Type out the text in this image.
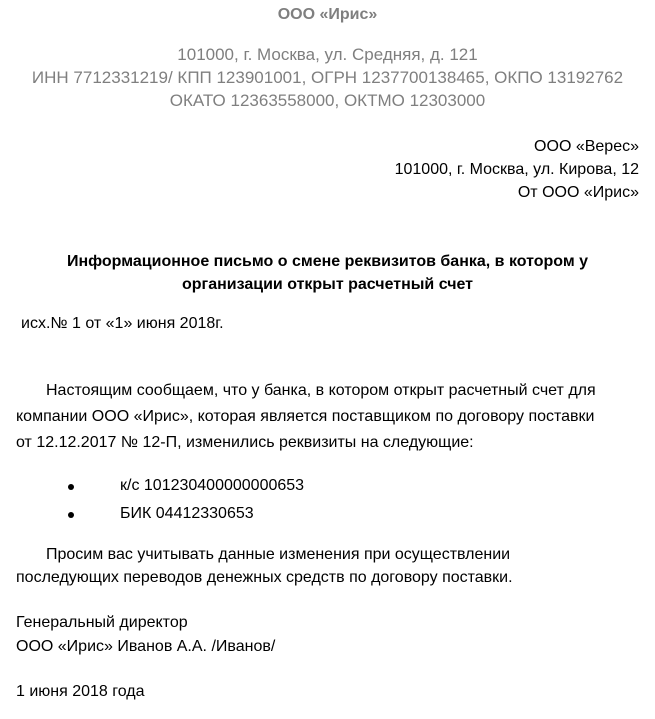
ООО «Ирис»
101000, г. Москва, ул. Средняя, д. 121
ИНН 7712331219/ КПП 123901001, ОГРН 1237700138465, ОКПО 13192762
ОКАТО 12363558000, ОКТМО 12303000
ООО «Верес»
101000, г. Москва, ул. Кирова, 12
От ООО «Ирис»
Информационное письмо о смене реквизитов банка, в котором у
организации открыт расчетный счет
исх.№ 1 от «1» июня 2018г.
Настоящим сообщаем, что у банка, в котором открыт расчетный счет для
компании ООО «Ирис», которая является поставщиком по договору поставки
от 12.12.2017 № 12-П, изменились реквизиты на следующие:
к/с 101230400000000653
БИК 04412330653
Просим вас учитывать данные изменения при осуществлении
последующих переводов денежных средств по договору поставки.
Генеральный директор
ООО «Ирис» Иванов А.А. /Иванов/
1 июня 2018 года
